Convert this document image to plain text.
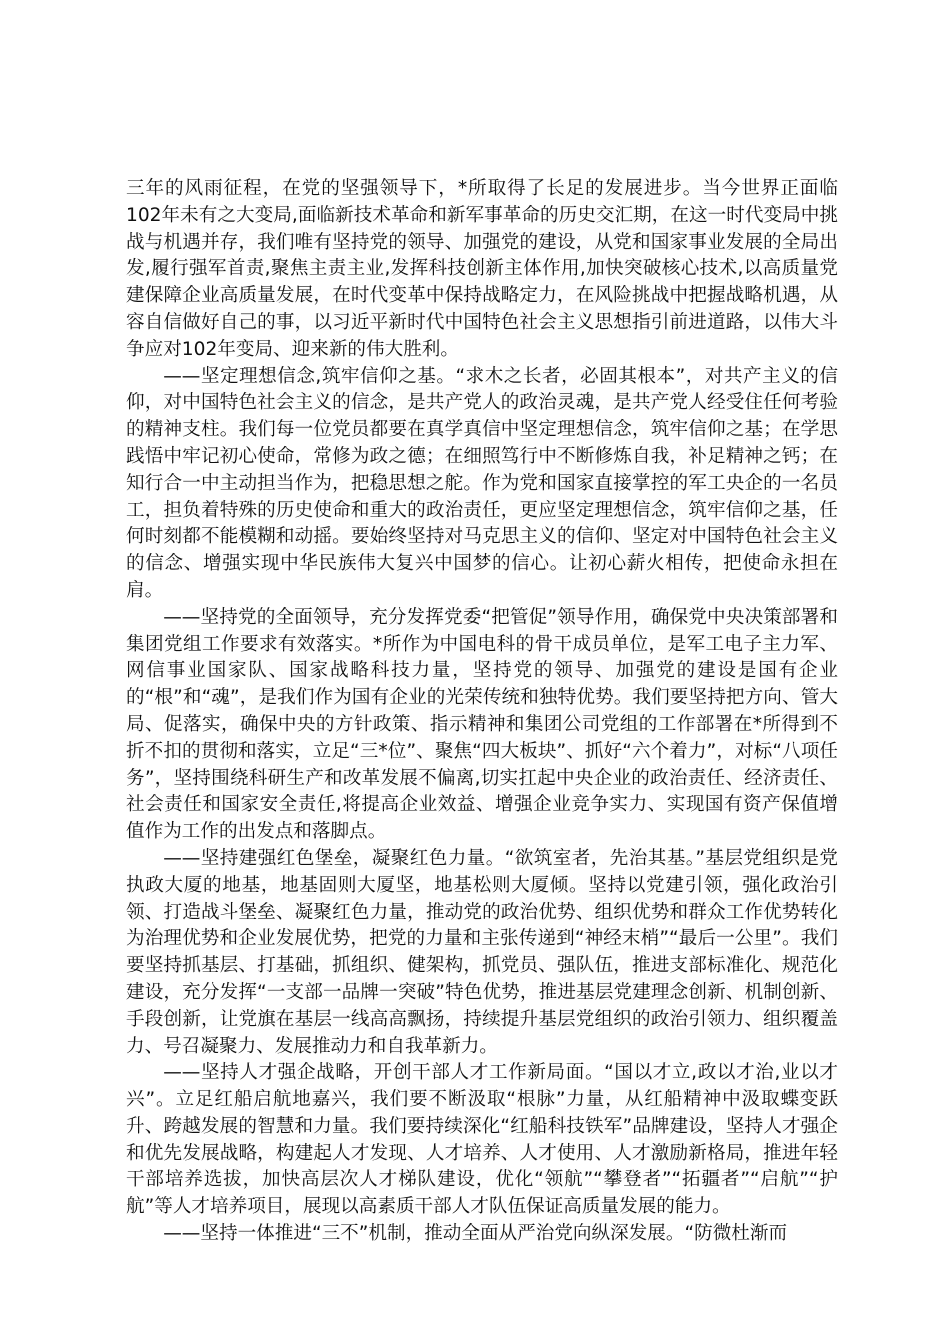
三年的风雨征程，在党的坚强领导下，*所取得了长足的发展进步。当今世界正面临102年未有之大变局,面临新技术革命和新军事革命的历史交汇期，在这一时代变局中挑战与机遇并存，我们唯有坚持党的领导、加强党的建设，从党和国家事业发展的全局出发,履行强军首责,聚焦主责主业,发挥科技创新主体作用,加快突破核心技术,以高质量党建保障企业高质量发展，在时代变革中保持战略定力，在风险挑战中把握战略机遇，从容自信做好自己的事，以习近平新时代中国特色社会主义思想指引前进道路，以伟大斗争应对102年变局、迎来新的伟大胜利。

——坚定理想信念,筑牢信仰之基。“求木之长者，必固其根本”，对共产主义的信仰，对中国特色社会主义的信念，是共产党人的政治灵魂，是共产党人经受住任何考验的精神支柱。我们每一位党员都要在真学真信中坚定理想信念，筑牢信仰之基；在学思践悟中牢记初心使命，常修为政之德；在细照笃行中不断修炼自我，补足精神之钙；在知行合一中主动担当作为，把稳思想之舵。作为党和国家直接掌控的军工央企的一名员工，担负着特殊的历史使命和重大的政治责任，更应坚定理想信念，筑牢信仰之基，任何时刻都不能模糊和动摇。要始终坚持对马克思主义的信仰、坚定对中国特色社会主义的信念、增强实现中华民族伟大复兴中国梦的信心。让初心薪火相传，把使命永担在肩。

——坚持党的全面领导，充分发挥党委“把管促”领导作用，确保党中央决策部署和集团党组工作要求有效落实。*所作为中国电科的骨干成员单位，是军工电子主力军、网信事业国家队、国家战略科技力量，坚持党的领导、加强党的建设是国有企业的“根”和“魂”，是我们作为国有企业的光荣传统和独特优势。我们要坚持把方向、管大局、促落实，确保中央的方针政策、指示精神和集团公司党组的工作部署在*所得到不折不扣的贯彻和落实，立足“三*位”、聚焦“四大板块”、抓好“六个着力”，对标“八项任务”，坚持围绕科研生产和改革发展不偏离,切实扛起中央企业的政治责任、经济责任、社会责任和国家安全责任,将提高企业效益、增强企业竞争实力、实现国有资产保值增值作为工作的出发点和落脚点。

——坚持建强红色堡垒，凝聚红色力量。“欲筑室者，先治其基。”基层党组织是党执政大厦的地基，地基固则大厦坚，地基松则大厦倾。坚持以党建引领，强化政治引领、打造战斗堡垒、凝聚红色力量，推动党的政治优势、组织优势和群众工作优势转化为治理优势和企业发展优势，把党的力量和主张传递到“神经末梢”“最后一公里”。我们要坚持抓基层、打基础，抓组织、健架构，抓党员、强队伍，推进支部标准化、规范化建设，充分发挥“一支部一品牌一突破”特色优势，推进基层党建理念创新、机制创新、手段创新，让党旗在基层一线高高飘扬，持续提升基层党组织的政治引领力、组织覆盖力、号召凝聚力、发展推动力和自我革新力。

——坚持人才强企战略，开创干部人才工作新局面。“国以才立,政以才治,业以才兴”。立足红船启航地嘉兴，我们要不断汲取“根脉”力量，从红船精神中汲取蝶变跃升、跨越发展的智慧和力量。我们要持续深化“红船科技铁军”品牌建设，坚持人才强企和优先发展战略，构建起人才发现、人才培养、人才使用、人才激励新格局，推进年轻干部培养选拔，加快高层次人才梯队建设，优化“领航”“攀登者”“拓疆者”“启航”“护航”等人才培养项目，展现以高素质干部人才队伍保证高质量发展的能力。

——坚持一体推进“三不”机制，推动全面从严治党向纵深发展。“防微杜渐而
